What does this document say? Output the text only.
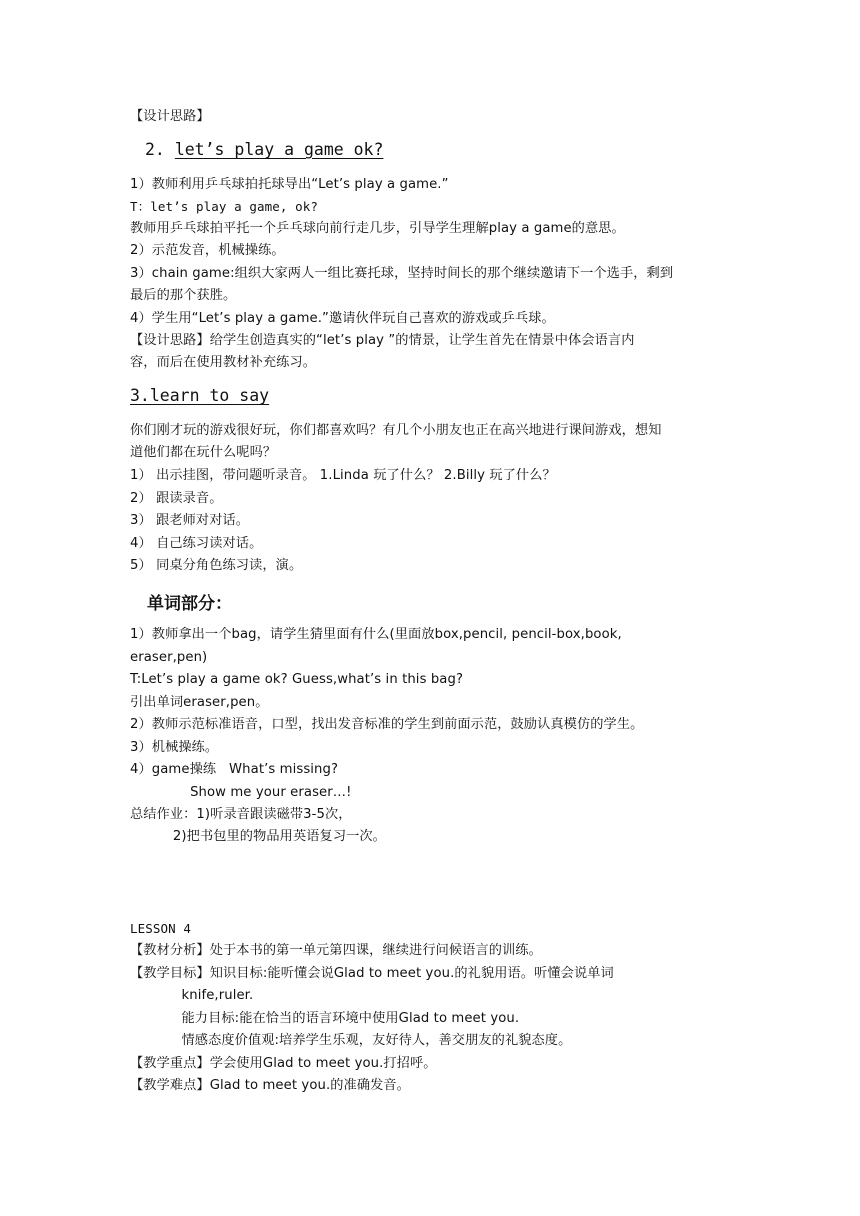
【设计思路】
2. let’s play a game ok?
1）教师利用乒乓球拍托球导出“Let’s play a game.”
T：let’s play a game, ok?
教师用乒乓球拍平托一个乒乓球向前行走几步，引导学生理解play a game的意思。
2）示范发音，机械操练。
3）chain game:组织大家两人一组比赛托球，坚持时间长的那个继续邀请下一个选手，剩到
最后的那个获胜。
4）学生用“Let’s play a game.”邀请伙伴玩自己喜欢的游戏或乒乓球。
【设计思路】给学生创造真实的“let’s play ”的情景，让学生首先在情景中体会语言内
容，而后在使用教材补充练习。
3.learn to say
你们刚才玩的游戏很好玩，你们都喜欢吗？有几个小朋友也正在高兴地进行课间游戏，想知
道他们都在玩什么呢吗？
1） 出示挂图，带问题听录音。 1.Linda 玩了什么？ 2.Billy 玩了什么？
2） 跟读录音。
3） 跟老师对对话。
4） 自己练习读对话。
5） 同桌分角色练习读，演。
单词部分：
1）教师拿出一个bag，请学生猜里面有什么(里面放box,pencil, pencil-box,book,
eraser,pen)
T:Let’s play a game ok? Guess,what’s in this bag?
引出单词eraser,pen。
2）教师示范标准语音，口型，找出发音标准的学生到前面示范，鼓励认真模仿的学生。
3）机械操练。
4）game操练   What’s missing?
Show me your eraser…!
总结作业：1)听录音跟读磁带3-5次，
2)把书包里的物品用英语复习一次。
LESSON 4
【教材分析】处于本书的第一单元第四课，继续进行问候语言的训练。
【教学目标】知识目标:能听懂会说Glad to meet you.的礼貌用语。听懂会说单词
knife,ruler.
能力目标:能在恰当的语言环境中使用Glad to meet you.
情感态度价值观:培养学生乐观，友好待人，善交朋友的礼貌态度。
【教学重点】学会使用Glad to meet you.打招呼。
【教学难点】Glad to meet you.的准确发音。
